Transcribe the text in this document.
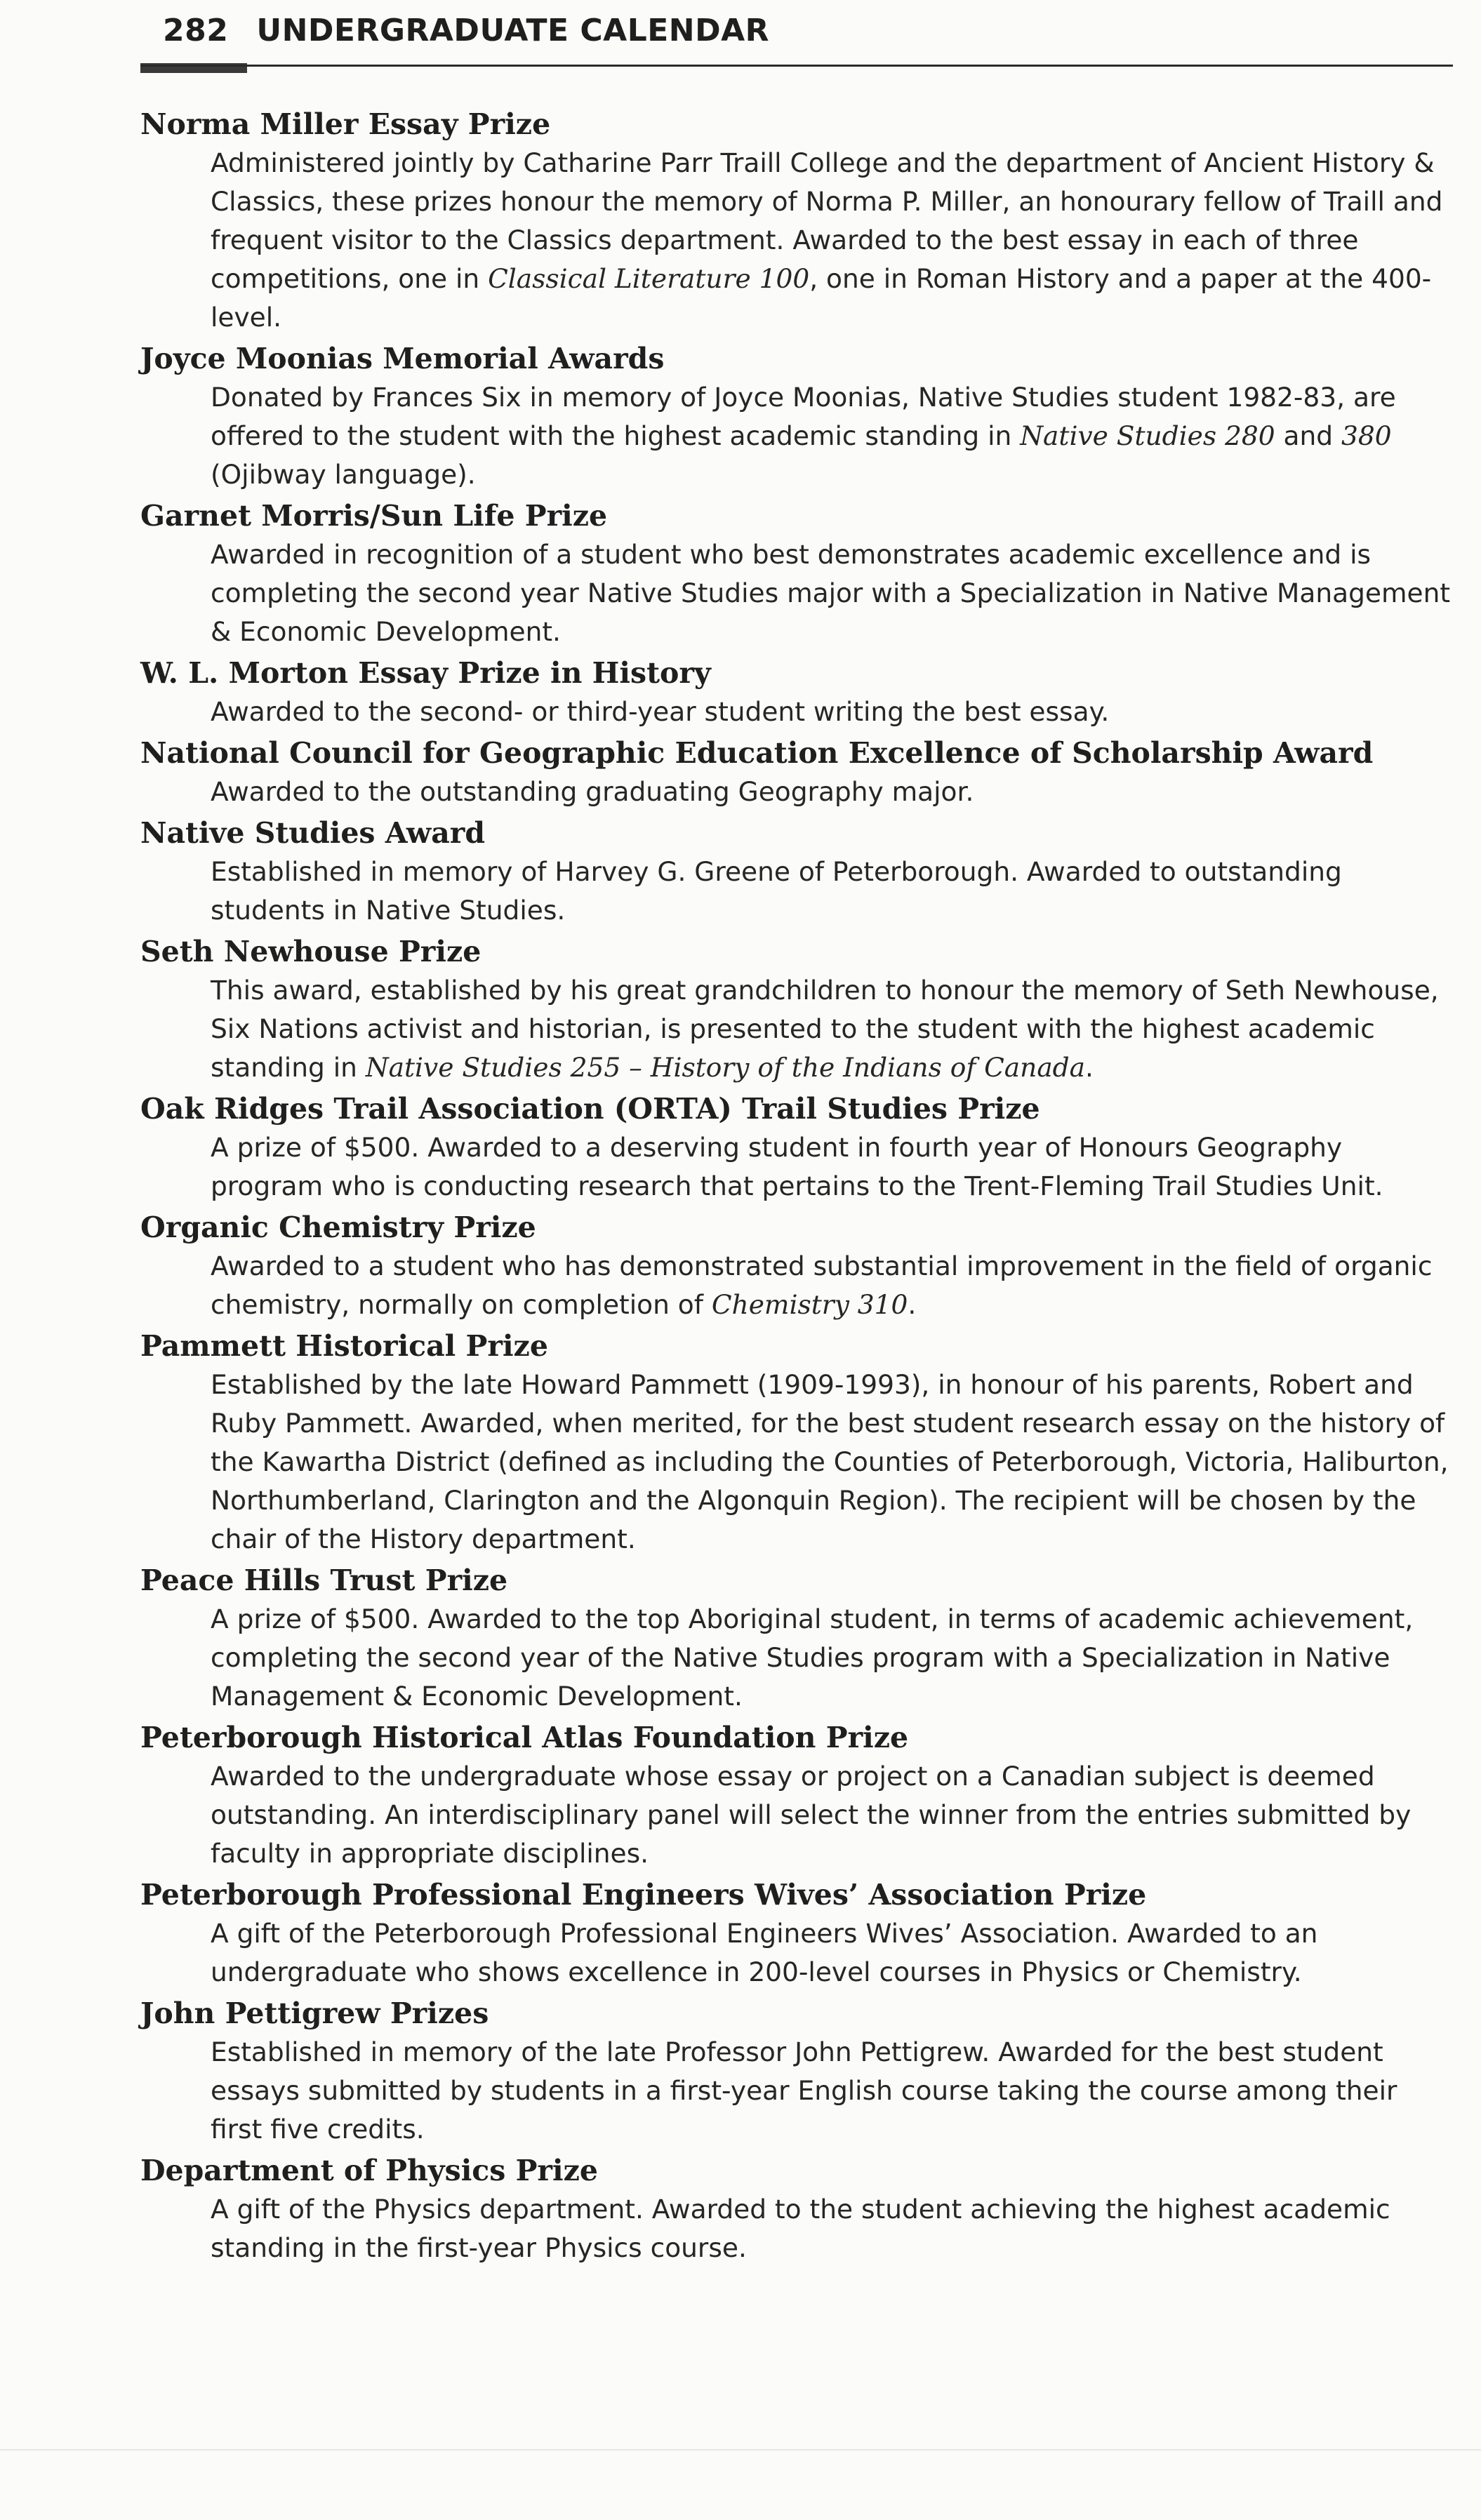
282 UNDERGRADUATE CALENDAR
Norma Miller Essay Prize
Administered jointly by Catharine Parr Traill College and the department of Ancient History & Classics, these prizes honour the memory of Norma P. Miller, an honourary fellow of Traill and frequent visitor to the Classics department. Awarded to the best essay in each of three competitions, one in Classical Literature 100, one in Roman History and a paper at the 400-level.
Joyce Moonias Memorial Awards
Donated by Frances Six in memory of Joyce Moonias, Native Studies student 1982-83, are offered to the student with the highest academic standing in Native Studies 280 and 380 (Ojibway language).
Garnet Morris/Sun Life Prize
Awarded in recognition of a student who best demonstrates academic excellence and is completing the second year Native Studies major with a Specialization in Native Management & Economic Development.
W. L. Morton Essay Prize in History
Awarded to the second- or third-year student writing the best essay.
National Council for Geographic Education Excellence of Scholarship Award
Awarded to the outstanding graduating Geography major.
Native Studies Award
Established in memory of Harvey G. Greene of Peterborough. Awarded to outstanding students in Native Studies.
Seth Newhouse Prize
This award, established by his great grandchildren to honour the memory of Seth Newhouse, Six Nations activist and historian, is presented to the student with the highest academic standing in Native Studies 255 – History of the Indians of Canada.
Oak Ridges Trail Association (ORTA) Trail Studies Prize
A prize of $500. Awarded to a deserving student in fourth year of Honours Geography program who is conducting research that pertains to the Trent-Fleming Trail Studies Unit.
Organic Chemistry Prize
Awarded to a student who has demonstrated substantial improvement in the field of organic chemistry, normally on completion of Chemistry 310.
Pammett Historical Prize
Established by the late Howard Pammett (1909-1993), in honour of his parents, Robert and Ruby Pammett. Awarded, when merited, for the best student research essay on the history of the Kawartha District (defined as including the Counties of Peterborough, Victoria, Haliburton, Northumberland, Clarington and the Algonquin Region). The recipient will be chosen by the chair of the History department.
Peace Hills Trust Prize
A prize of $500. Awarded to the top Aboriginal student, in terms of academic achievement, completing the second year of the Native Studies program with a Specialization in Native Management & Economic Development.
Peterborough Historical Atlas Foundation Prize
Awarded to the undergraduate whose essay or project on a Canadian subject is deemed outstanding. An interdisciplinary panel will select the winner from the entries submitted by faculty in appropriate disciplines.
Peterborough Professional Engineers Wives’ Association Prize
A gift of the Peterborough Professional Engineers Wives’ Association. Awarded to an undergraduate who shows excellence in 200-level courses in Physics or Chemistry.
John Pettigrew Prizes
Established in memory of the late Professor John Pettigrew. Awarded for the best student essays submitted by students in a first-year English course taking the course among their first five credits.
Department of Physics Prize
A gift of the Physics department. Awarded to the student achieving the highest academic standing in the first-year Physics course.
